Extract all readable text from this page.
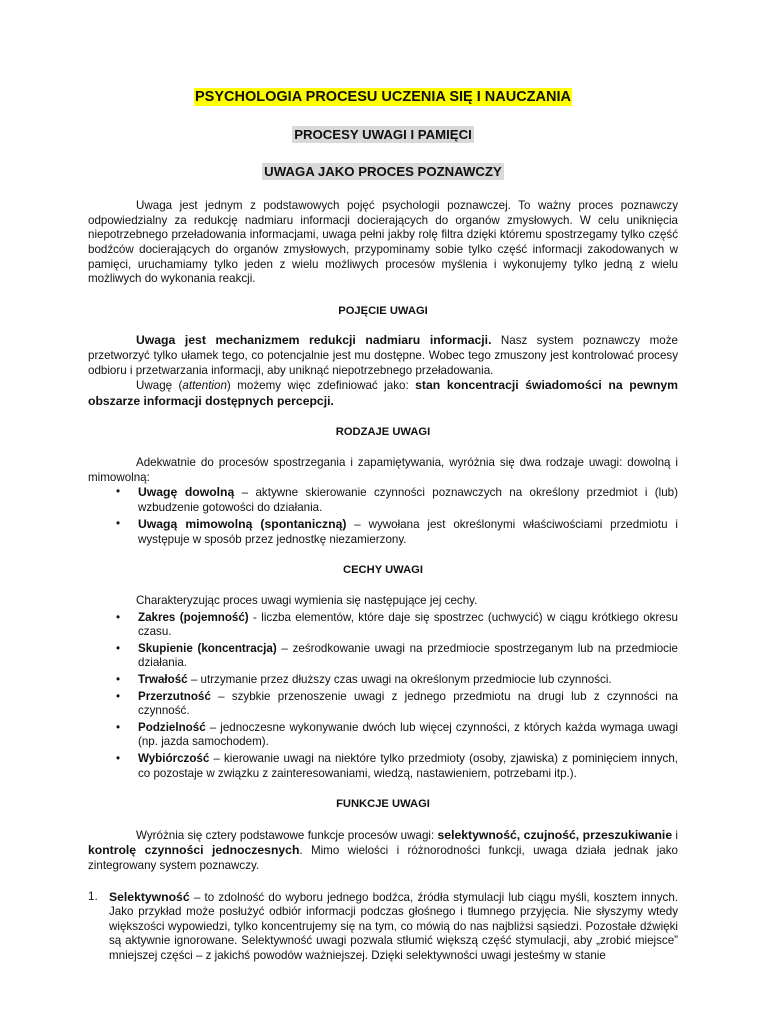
PSYCHOLOGIA PROCESU UCZENIA SIĘ I NAUCZANIA
PROCESY UWAGI I PAMIĘCI
UWAGA JAKO PROCES POZNAWCZY

Uwaga jest jednym z podstawowych pojęć psychologii poznawczej. To ważny proces poznawczy odpowiedzialny za redukcję nadmiaru informacji docierających do organów zmysłowych. W celu uniknięcia niepotrzebnego przeładowania informacjami, uwaga pełni jakby rolę filtra dzięki któremu spostrzegamy tylko część bodźców docierających do organów zmysłowych, przypominamy sobie tylko część informacji zakodowanych w pamięci, uruchamiamy tylko jeden z wielu możliwych procesów myślenia i wykonujemy tylko jedną z wielu możliwych do wykonania reakcji.

POJĘCIE UWAGI

Uwaga jest mechanizmem redukcji nadmiaru informacji. Nasz system poznawczy może przetworzyć tylko ułamek tego, co potencjalnie jest mu dostępne. Wobec tego zmuszony jest kontrolować procesy odbioru i przetwarzania informacji, aby uniknąć niepotrzebnego przeładowania.

Uwagę (attention) możemy więc zdefiniować jako: stan koncentracji świadomości na pewnym obszarze informacji dostępnych percepcji.

RODZAJE UWAGI

Adekwatnie do procesów spostrzegania i zapamiętywania, wyróżnia się dwa rodzaje uwagi: dowolną i mimowolną:

• Uwagę dowolną – aktywne skierowanie czynności poznawczych na określony przedmiot i (lub) wzbudzenie gotowości do działania.
• Uwagą mimowolną (spontaniczną) – wywołana jest określonymi właściwościami przedmiotu i występuje w sposób przez jednostkę niezamierzony.

CECHY UWAGI

Charakteryzując proces uwagi wymienia się następujące jej cechy.

• Zakres (pojemność) - liczba elementów, które daje się spostrzec (uchwycić) w ciągu krótkiego okresu czasu.
• Skupienie (koncentracja) – ześrodkowanie uwagi na przedmiocie spostrzeganym lub na przedmiocie działania.
• Trwałość – utrzymanie przez dłuższy czas uwagi na określonym przedmiocie lub czynności.
• Przerzutność – szybkie przenoszenie uwagi z jednego przedmiotu na drugi lub z czynności na czynność.
• Podzielność – jednoczesne wykonywanie dwóch lub więcej czynności, z których każda wymaga uwagi (np. jazda samochodem).
• Wybiórczość – kierowanie uwagi na niektóre tylko przedmioty (osoby, zjawiska) z pominięciem innych, co pozostaje w związku z zainteresowaniami, wiedzą, nastawieniem, potrzebami itp.).

FUNKCJE UWAGI

Wyróżnia się cztery podstawowe funkcje procesów uwagi: selektywność, czujność, przeszukiwanie i kontrolę czynności jednoczesnych. Mimo wielości i różnorodności funkcji, uwaga działa jednak jako zintegrowany system poznawczy.

1. Selektywność – to zdolność do wyboru jednego bodźca, źródła stymulacji lub ciągu myśli, kosztem innych. Jako przykład może posłużyć odbiór informacji podczas głośnego i tłumnego przyjęcia. Nie słyszymy wtedy większości wypowiedzi, tylko koncentrujemy się na tym, co mówią do nas najbliżsi sąsiedzi. Pozostałe dźwięki są aktywnie ignorowane. Selektywność uwagi pozwala stłumić większą część stymulacji, aby „zrobić miejsce” mniejszej części – z jakichś powodów ważniejszej. Dzięki selektywności uwagi jesteśmy w stanie
